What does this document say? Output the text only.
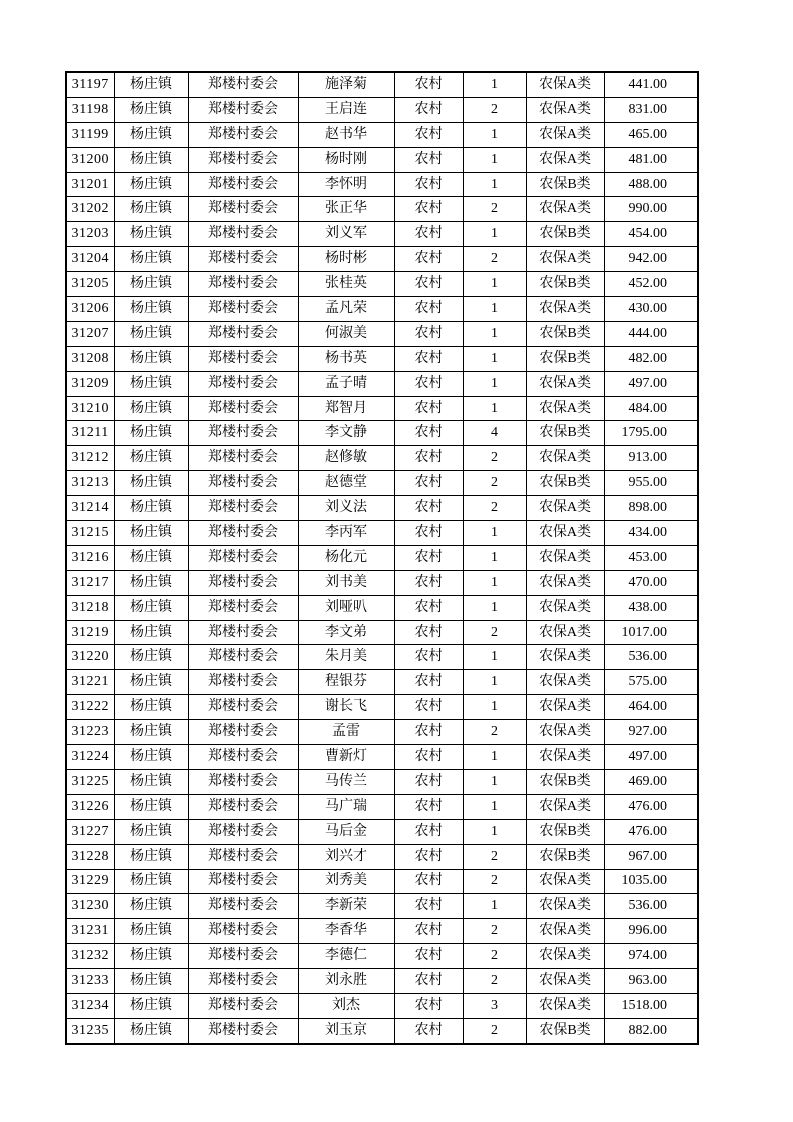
31197	杨庄镇	郑楼村委会	施泽菊	农村	1	农保A类	441.00
31198	杨庄镇	郑楼村委会	王启连	农村	2	农保A类	831.00
31199	杨庄镇	郑楼村委会	赵书华	农村	1	农保A类	465.00
31200	杨庄镇	郑楼村委会	杨时刚	农村	1	农保A类	481.00
31201	杨庄镇	郑楼村委会	李怀明	农村	1	农保B类	488.00
31202	杨庄镇	郑楼村委会	张正华	农村	2	农保A类	990.00
31203	杨庄镇	郑楼村委会	刘义军	农村	1	农保B类	454.00
31204	杨庄镇	郑楼村委会	杨时彬	农村	2	农保A类	942.00
31205	杨庄镇	郑楼村委会	张桂英	农村	1	农保B类	452.00
31206	杨庄镇	郑楼村委会	孟凡荣	农村	1	农保A类	430.00
31207	杨庄镇	郑楼村委会	何淑美	农村	1	农保B类	444.00
31208	杨庄镇	郑楼村委会	杨书英	农村	1	农保B类	482.00
31209	杨庄镇	郑楼村委会	孟子晴	农村	1	农保A类	497.00
31210	杨庄镇	郑楼村委会	郑智月	农村	1	农保A类	484.00
31211	杨庄镇	郑楼村委会	李文静	农村	4	农保B类	1795.00
31212	杨庄镇	郑楼村委会	赵修敏	农村	2	农保A类	913.00
31213	杨庄镇	郑楼村委会	赵德堂	农村	2	农保B类	955.00
31214	杨庄镇	郑楼村委会	刘义法	农村	2	农保A类	898.00
31215	杨庄镇	郑楼村委会	李丙军	农村	1	农保A类	434.00
31216	杨庄镇	郑楼村委会	杨化元	农村	1	农保A类	453.00
31217	杨庄镇	郑楼村委会	刘书美	农村	1	农保A类	470.00
31218	杨庄镇	郑楼村委会	刘哑叭	农村	1	农保A类	438.00
31219	杨庄镇	郑楼村委会	李文弟	农村	2	农保A类	1017.00
31220	杨庄镇	郑楼村委会	朱月美	农村	1	农保A类	536.00
31221	杨庄镇	郑楼村委会	程银芬	农村	1	农保A类	575.00
31222	杨庄镇	郑楼村委会	谢长飞	农村	1	农保A类	464.00
31223	杨庄镇	郑楼村委会	孟雷	农村	2	农保A类	927.00
31224	杨庄镇	郑楼村委会	曹新灯	农村	1	农保A类	497.00
31225	杨庄镇	郑楼村委会	马传兰	农村	1	农保B类	469.00
31226	杨庄镇	郑楼村委会	马广瑞	农村	1	农保A类	476.00
31227	杨庄镇	郑楼村委会	马后金	农村	1	农保B类	476.00
31228	杨庄镇	郑楼村委会	刘兴才	农村	2	农保B类	967.00
31229	杨庄镇	郑楼村委会	刘秀美	农村	2	农保A类	1035.00
31230	杨庄镇	郑楼村委会	李新荣	农村	1	农保A类	536.00
31231	杨庄镇	郑楼村委会	李香华	农村	2	农保A类	996.00
31232	杨庄镇	郑楼村委会	李德仁	农村	2	农保A类	974.00
31233	杨庄镇	郑楼村委会	刘永胜	农村	2	农保A类	963.00
31234	杨庄镇	郑楼村委会	刘杰	农村	3	农保A类	1518.00
31235	杨庄镇	郑楼村委会	刘玉京	农村	2	农保B类	882.00
